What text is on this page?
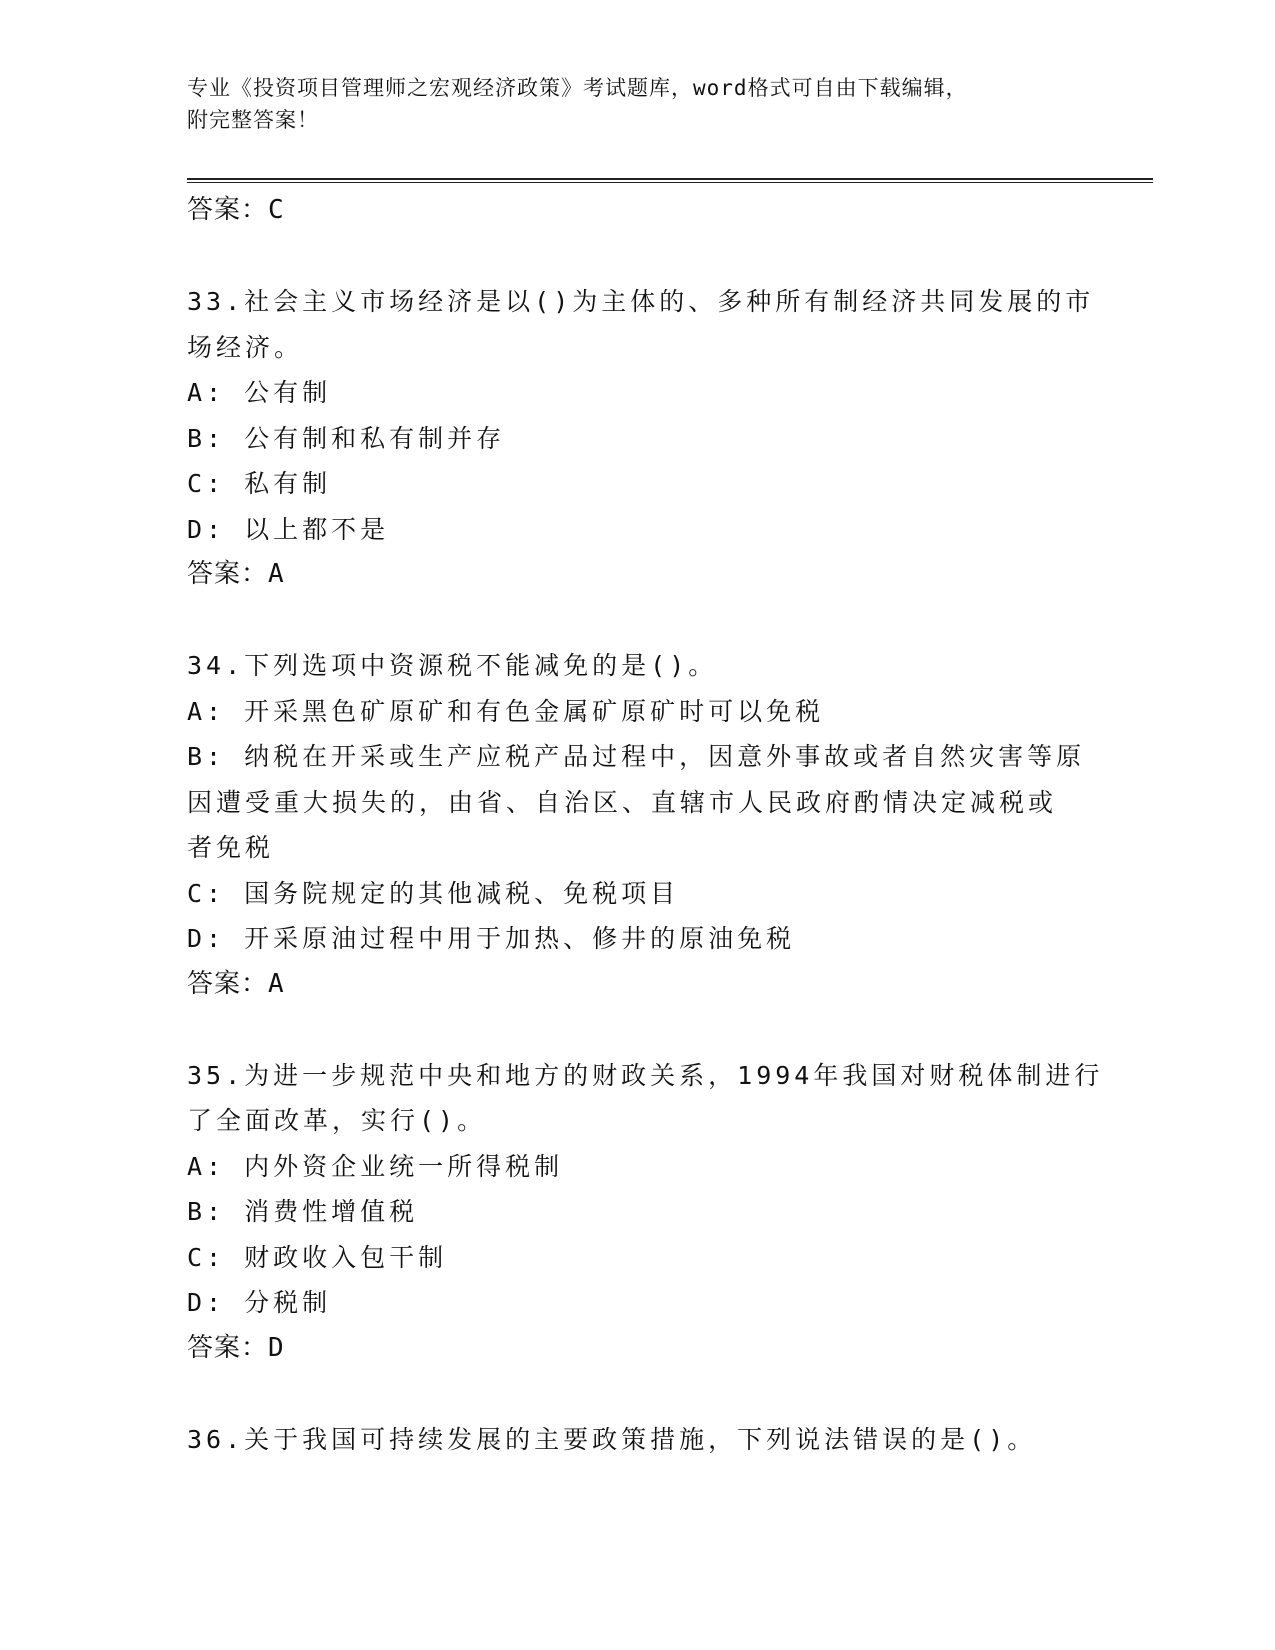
专业《投资项目管理师之宏观经济政策》考试题库，word格式可自由下载编辑，
附完整答案！
答案：C
33.社会主义市场经济是以()为主体的、多种所有制经济共同发展的市
场经济。
A: 公有制
B: 公有制和私有制并存
C: 私有制
D: 以上都不是
答案：A
34.下列选项中资源税不能减免的是()。
A: 开采黑色矿原矿和有色金属矿原矿时可以免税
B: 纳税在开采或生产应税产品过程中，因意外事故或者自然灾害等原
因遭受重大损失的，由省、自治区、直辖市人民政府酌情决定减税或
者免税
C: 国务院规定的其他减税、免税项目
D: 开采原油过程中用于加热、修井的原油免税
答案：A
35.为进一步规范中央和地方的财政关系，1994年我国对财税体制进行
了全面改革，实行()。
A: 内外资企业统一所得税制
B: 消费性增值税
C: 财政收入包干制
D: 分税制
答案：D
36.关于我国可持续发展的主要政策措施，下列说法错误的是()。
